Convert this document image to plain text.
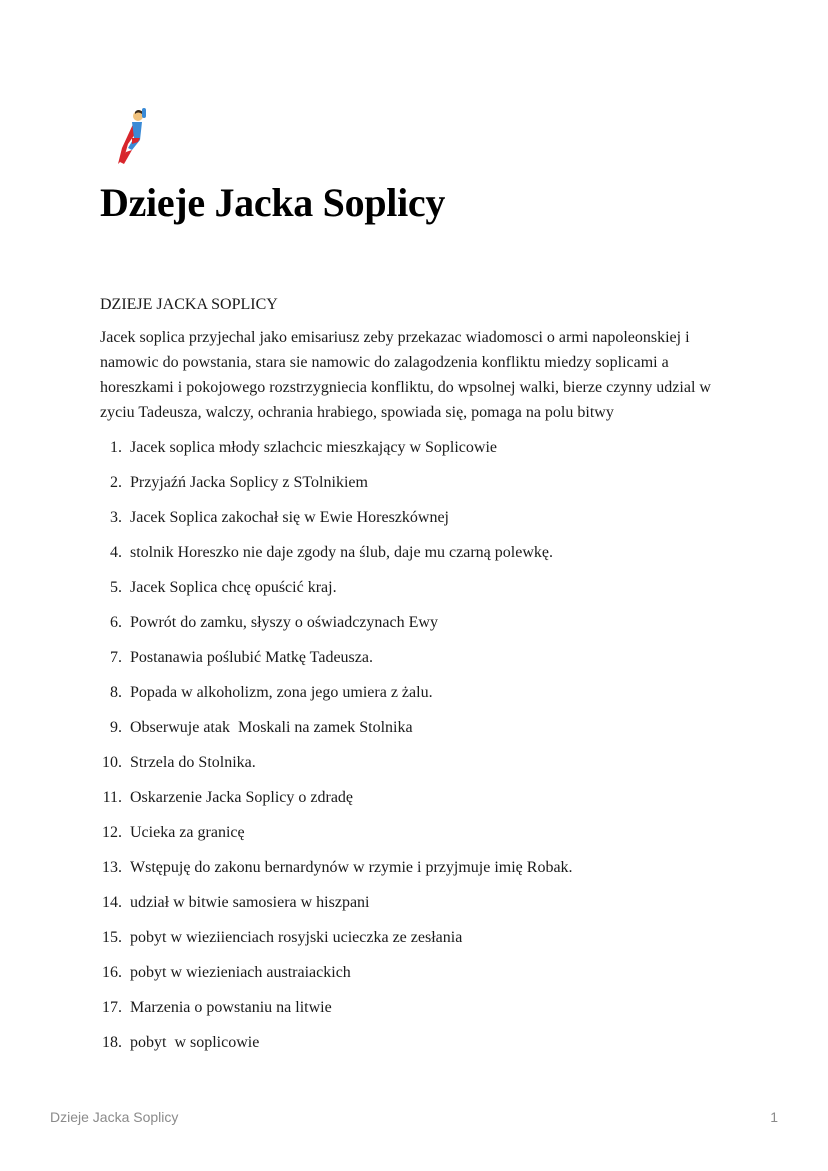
Dzieje Jacka Soplicy
DZIEJE JACKA SOPLICY
Jacek soplica przyjechal jako emisariusz zeby przekazac wiadomosci o armi napoleonskiej i namowic do powstania, stara sie namowic do zalagodzenia konfliktu miedzy soplicami a horeszkami i pokojowego rozstrzygniecia konfliktu, do wpsolnej walki, bierze czynny udzial w zyciu Tadeusza, walczy, ochrania hrabiego, spowiada się, pomaga na polu bitwy
1. Jacek soplica młody szlachcic mieszkający w Soplicowie
2. Przyjaźń Jacka Soplicy z STolnikiem
3. Jacek Soplica zakochał się w Ewie Horeszkównej
4. stolnik Horeszko nie daje zgody na ślub, daje mu czarną polewkę.
5. Jacek Soplica chcę opuścić kraj.
6. Powrót do zamku, słyszy o oświadczynach Ewy
7. Postanawia poślubić Matkę Tadeusza.
8. Popada w alkoholizm, zona jego umiera z żalu.
9. Obserwuje atak  Moskali na zamek Stolnika
10. Strzela do Stolnika.
11. Oskarzenie Jacka Soplicy o zdradę
12. Ucieka za granicę
13. Wstępuję do zakonu bernardynów w rzymie i przyjmuje imię Robak.
14. udział w bitwie samosiera w hiszpani
15. pobyt w wieziienciach rosyjski ucieczka ze zesłania
16. pobyt w wiezieniach austraiackich
17. Marzenia o powstaniu na litwie
18. pobyt  w soplicowie
Dzieje Jacka Soplicy	1
